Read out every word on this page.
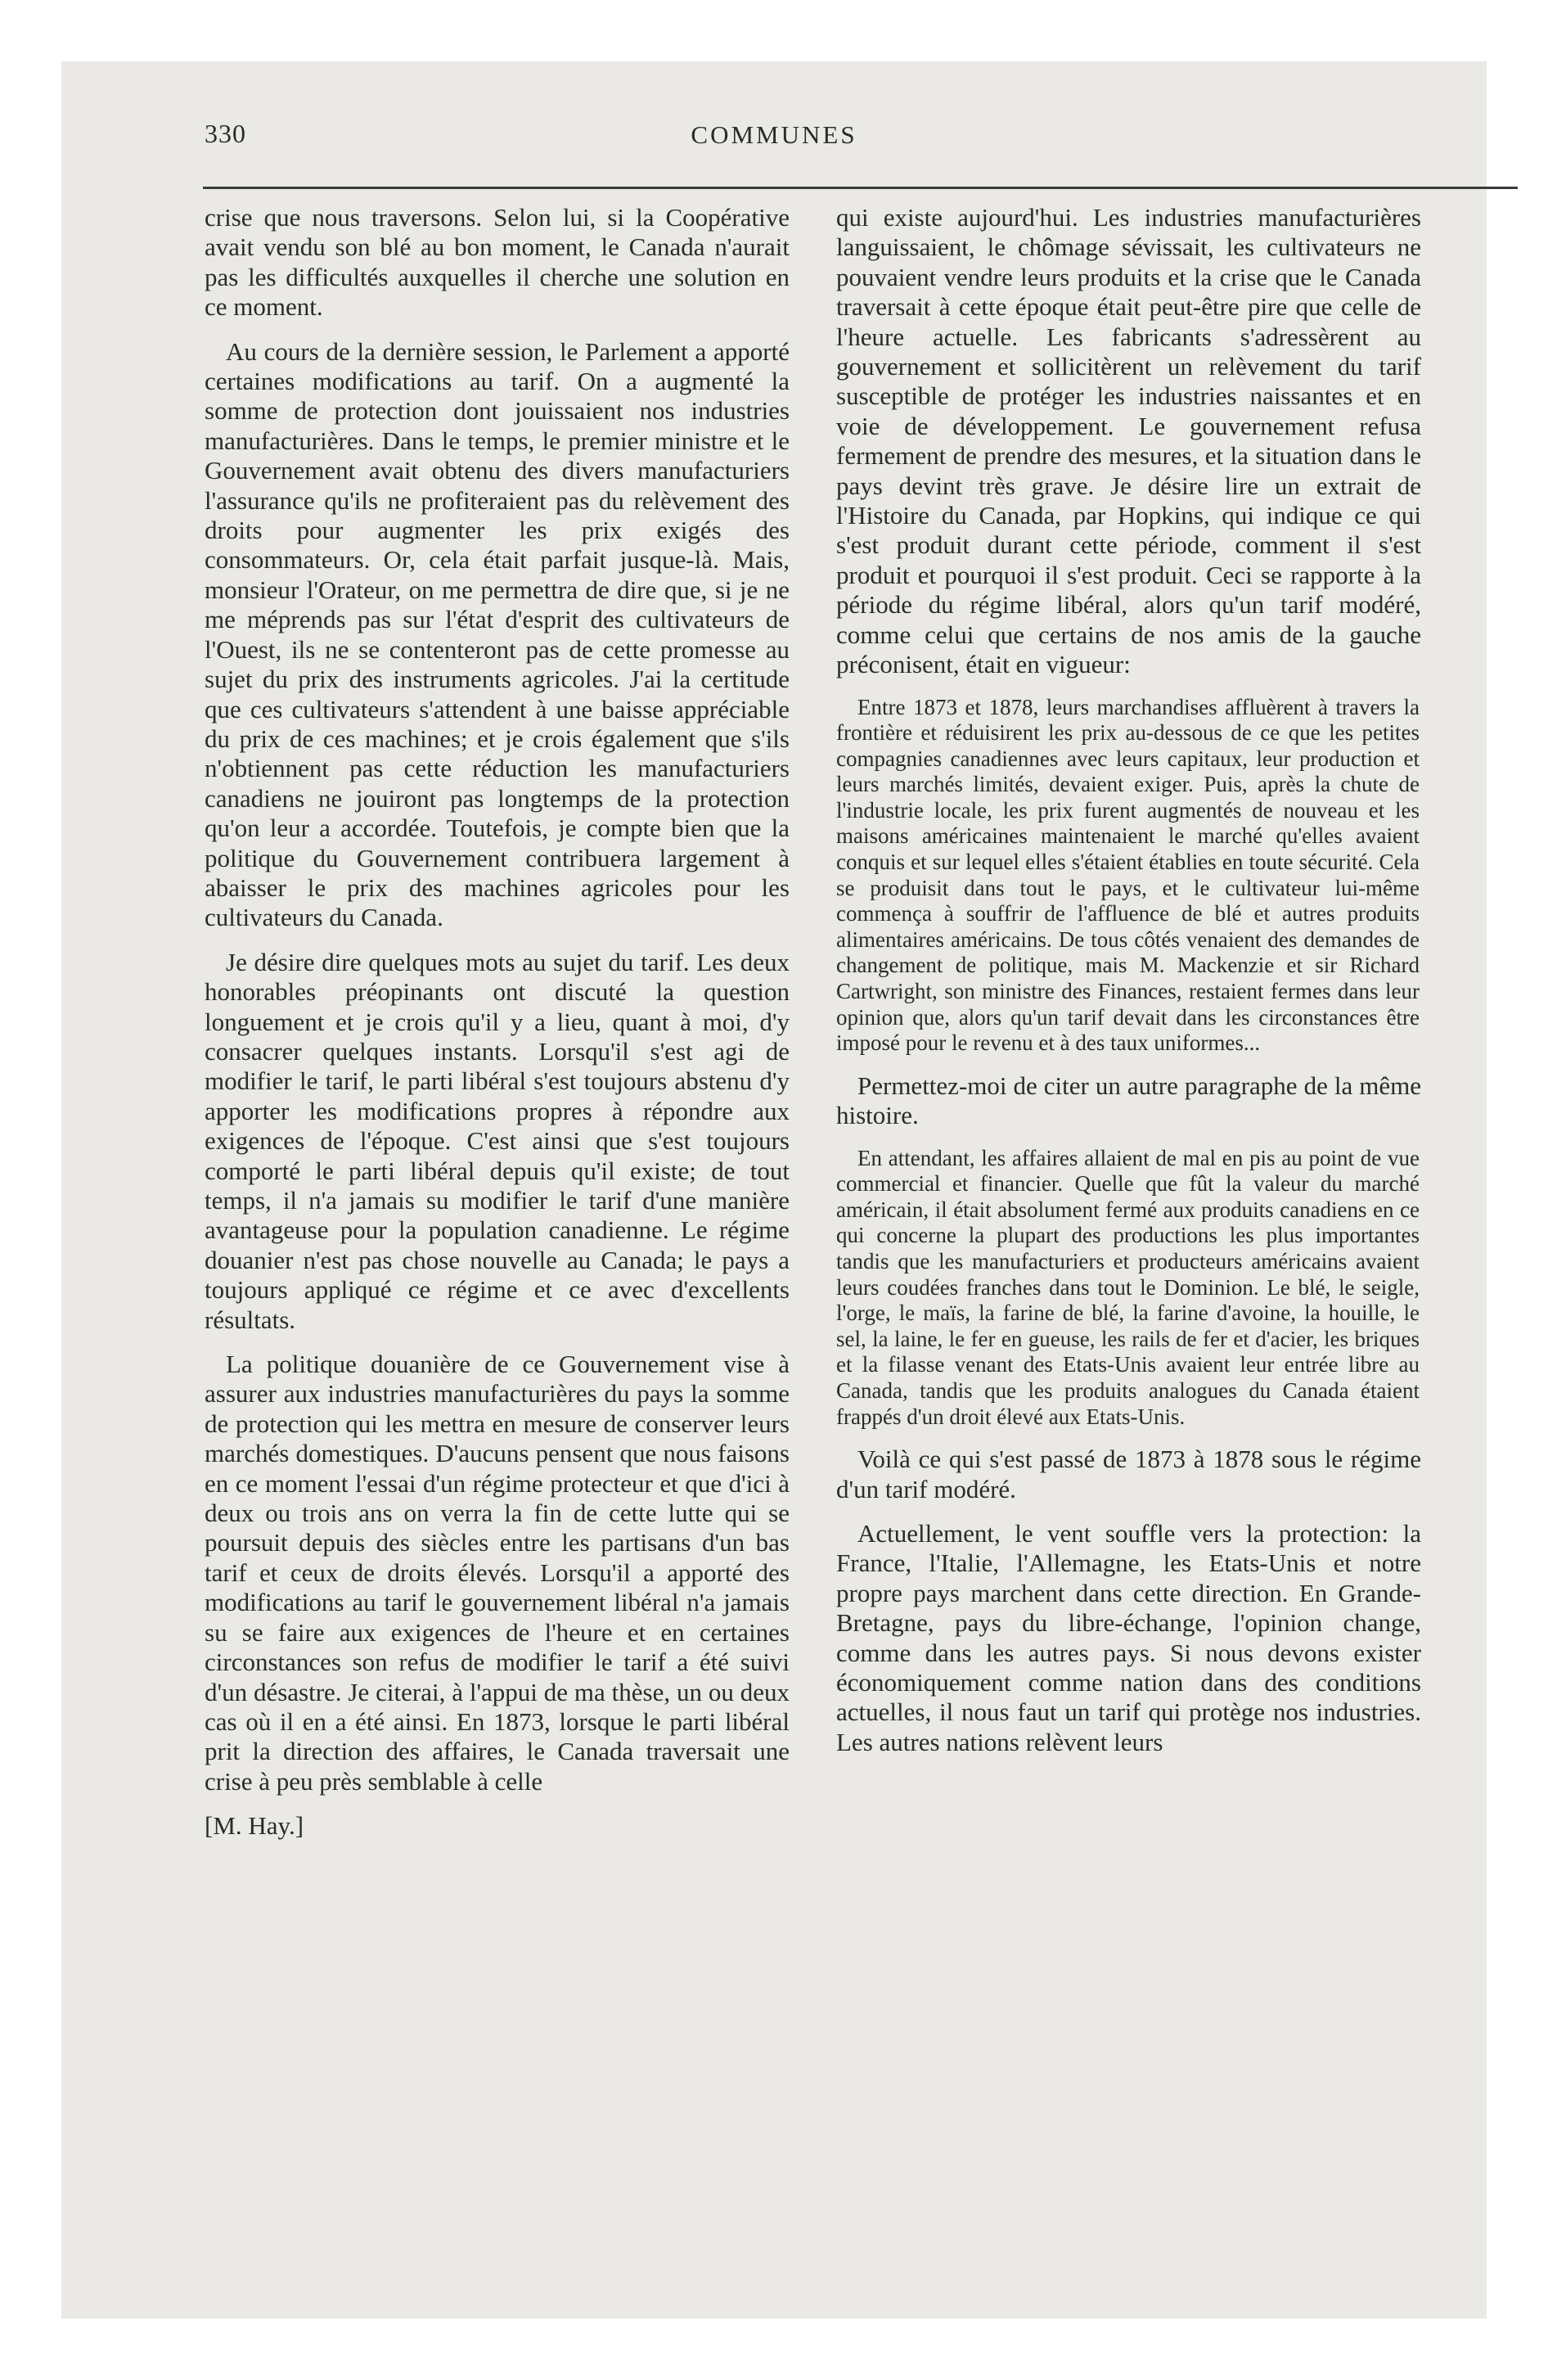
330	COMMUNES

crise que nous traversons. Selon lui, si la Coopérative avait vendu son blé au bon moment, le Canada n'aurait pas les difficultés auxquelles il cherche une solution en ce moment.

Au cours de la dernière session, le Parlement a apporté certaines modifications au tarif. On a augmenté la somme de protection dont jouissaient nos industries manufacturières. Dans le temps, le premier ministre et le Gouvernement avait obtenu des divers manufacturiers l'assurance qu'ils ne profiteraient pas du relèvement des droits pour augmenter les prix exigés des consommateurs. Or, cela était parfait jusque-là. Mais, monsieur l'Orateur, on me permettra de dire que, si je ne me méprends pas sur l'état d'esprit des cultivateurs de l'Ouest, ils ne se contenteront pas de cette promesse au sujet du prix des instruments agricoles. J'ai la certitude que ces cultivateurs s'attendent à une baisse appréciable du prix de ces machines; et je crois également que s'ils n'obtiennent pas cette réduction les manufacturiers canadiens ne jouiront pas longtemps de la protection qu'on leur a accordée. Toutefois, je compte bien que la politique du Gouvernement contribuera largement à abaisser le prix des machines agricoles pour les cultivateurs du Canada.

Je désire dire quelques mots au sujet du tarif. Les deux honorables préopinants ont discuté la question longuement et je crois qu'il y a lieu, quant à moi, d'y consacrer quelques instants. Lorsqu'il s'est agi de modifier le tarif, le parti libéral s'est toujours abstenu d'y apporter les modifications propres à répondre aux exigences de l'époque. C'est ainsi que s'est toujours comporté le parti libéral depuis qu'il existe; de tout temps, il n'a jamais su modifier le tarif d'une manière avantageuse pour la population canadienne. Le régime douanier n'est pas chose nouvelle au Canada; le pays a toujours appliqué ce régime et ce avec d'excellents résultats.

La politique douanière de ce Gouvernement vise à assurer aux industries manufacturières du pays la somme de protection qui les mettra en mesure de conserver leurs marchés domestiques. D'aucuns pensent que nous faisons en ce moment l'essai d'un régime protecteur et que d'ici à deux ou trois ans on verra la fin de cette lutte qui se poursuit depuis des siècles entre les partisans d'un bas tarif et ceux de droits élevés. Lorsqu'il a apporté des modifications au tarif le gouvernement libéral n'a jamais su se faire aux exigences de l'heure et en certaines circonstances son refus de modifier le tarif a été suivi d'un désastre. Je citerai, à l'appui de ma thèse, un ou deux cas où il en a été ainsi. En 1873, lorsque le parti libéral prit la direction des affaires, le Canada traversait une crise à peu près semblable à celle

[M. Hay.]

qui existe aujourd'hui. Les industries manufacturières languissaient, le chômage sévissait, les cultivateurs ne pouvaient vendre leurs produits et la crise que le Canada traversait à cette époque était peut-être pire que celle de l'heure actuelle. Les fabricants s'adressèrent au gouvernement et sollicitèrent un relèvement du tarif susceptible de protéger les industries naissantes et en voie de développement. Le gouvernement refusa fermement de prendre des mesures, et la situation dans le pays devint très grave. Je désire lire un extrait de l'Histoire du Canada, par Hopkins, qui indique ce qui s'est produit durant cette période, comment il s'est produit et pourquoi il s'est produit. Ceci se rapporte à la période du régime libéral, alors qu'un tarif modéré, comme celui que certains de nos amis de la gauche préconisent, était en vigueur:

Entre 1873 et 1878, leurs marchandises affluèrent à travers la frontière et réduisirent les prix au-dessous de ce que les petites compagnies canadiennes avec leurs capitaux, leur production et leurs marchés limités, devaient exiger. Puis, après la chute de l'industrie locale, les prix furent augmentés de nouveau et les maisons américaines maintenaient le marché qu'elles avaient conquis et sur lequel elles s'étaient établies en toute sécurité. Cela se produisit dans tout le pays, et le cultivateur lui-même commença à souffrir de l'affluence de blé et autres produits alimentaires américains. De tous côtés venaient des demandes de changement de politique, mais M. Mackenzie et sir Richard Cartwright, son ministre des Finances, restaient fermes dans leur opinion que, alors qu'un tarif devait dans les circonstances être imposé pour le revenu et à des taux uniformes...

Permettez-moi de citer un autre paragraphe de la même histoire.

En attendant, les affaires allaient de mal en pis au point de vue commercial et financier. Quelle que fût la valeur du marché américain, il était absolument fermé aux produits canadiens en ce qui concerne la plupart des productions les plus importantes tandis que les manufacturiers et producteurs américains avaient leurs coudées franches dans tout le Dominion. Le blé, le seigle, l'orge, le maïs, la farine de blé, la farine d'avoine, la houille, le sel, la laine, le fer en gueuse, les rails de fer et d'acier, les briques et la filasse venant des Etats-Unis avaient leur entrée libre au Canada, tandis que les produits analogues du Canada étaient frappés d'un droit élevé aux Etats-Unis.

Voilà ce qui s'est passé de 1873 à 1878 sous le régime d'un tarif modéré.

Actuellement, le vent souffle vers la protection: la France, l'Italie, l'Allemagne, les Etats-Unis et notre propre pays marchent dans cette direction. En Grande-Bretagne, pays du libre-échange, l'opinion change, comme dans les autres pays. Si nous devons exister économiquement comme nation dans des conditions actuelles, il nous faut un tarif qui protège nos industries. Les autres nations relèvent leurs
